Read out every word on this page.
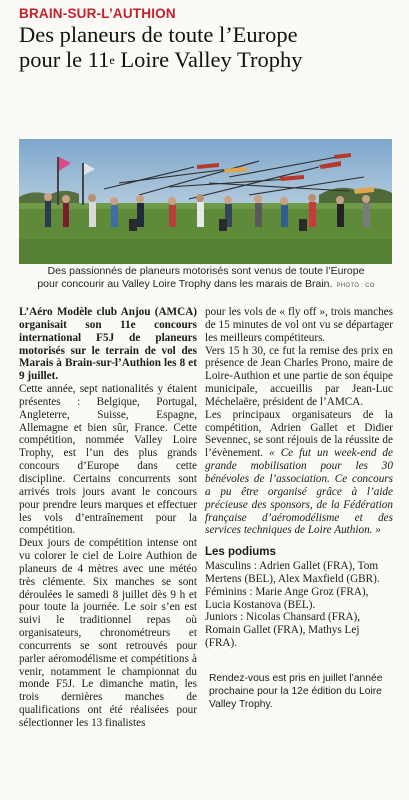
BRAIN-SUR-L’AUTHION
Des planeurs de toute l’Europe
pour le 11e Loire Valley Trophy
Des passionnés de planeurs motorisés sont venus de toute l’Europe
pour concourir au Valley Loire Trophy dans les marais de Brain. PHOTO : CO

L’Aéro Modèle club Anjou (AMCA) organisait son 11e concours international F5J de planeurs motorisés sur le terrain de vol des Marais à Brain-sur-l’Authion les 8 et 9 juillet.

Cette année, sept nationalités y étaient présentes : Belgique, Portugal, Angleterre, Suisse, Espagne, Allemagne et bien sûr, France. Cette compétition, nommée Valley Loire Trophy, est l’un des plus grands concours d’Europe dans cette discipline. Certains concurrents sont arrivés trois jours avant le concours pour prendre leurs marques et effectuer les vols d’entraînement pour la compétition.

Deux jours de compétition intense ont vu colorer le ciel de Loire Authion de planeurs de 4 mètres avec une météo très clémente. Six manches se sont déroulées le samedi 8 juillet dès 9 h et pour toute la journée. Le soir s’en est suivi le traditionnel repas où organisateurs, chronométreurs et concurrents se sont retrouvés pour parler aéromodélisme et compétitions à venir, notamment le championnat du monde F5J. Le dimanche matin, les trois dernières manches de qualifications ont été réalisées pour sélectionner les 13 finalistes

pour les vols de « fly off », trois manches de 15 minutes de vol ont vu se départager les meilleurs compétiteurs.

Vers 15 h 30, ce fut la remise des prix en présence de Jean Charles Prono, maire de Loire-Authion et une partie de son équipe municipale, accueillis par Jean-Luc Méchelaëre, président de l’AMCA.

Les principaux organisateurs de la compétition, Adrien Gallet et Didier Sevennec, se sont réjouis de la réussite de l’évènement. « Ce fut un week-end de grande mobilisation pour les 30 bénévoles de l’association. Ce concours a pu être organisé grâce à l’aide précieuse des sponsors, de la Fédération française d’aéromodélisme et des services techniques de Loire Authion. »

Les podiums

Masculins : Adrien Gallet (FRA), Tom Mertens (BEL), Alex Maxfield (GBR).

Féminins : Marie Ange Groz (FRA), Lucia Kostanova (BEL).

Juniors : Nicolas Chansard (FRA), Romain Gallet (FRA), Mathys Lej (FRA).

Rendez-vous est pris en juillet l’année prochaine pour la 12e édition du Loire Valley Trophy.
